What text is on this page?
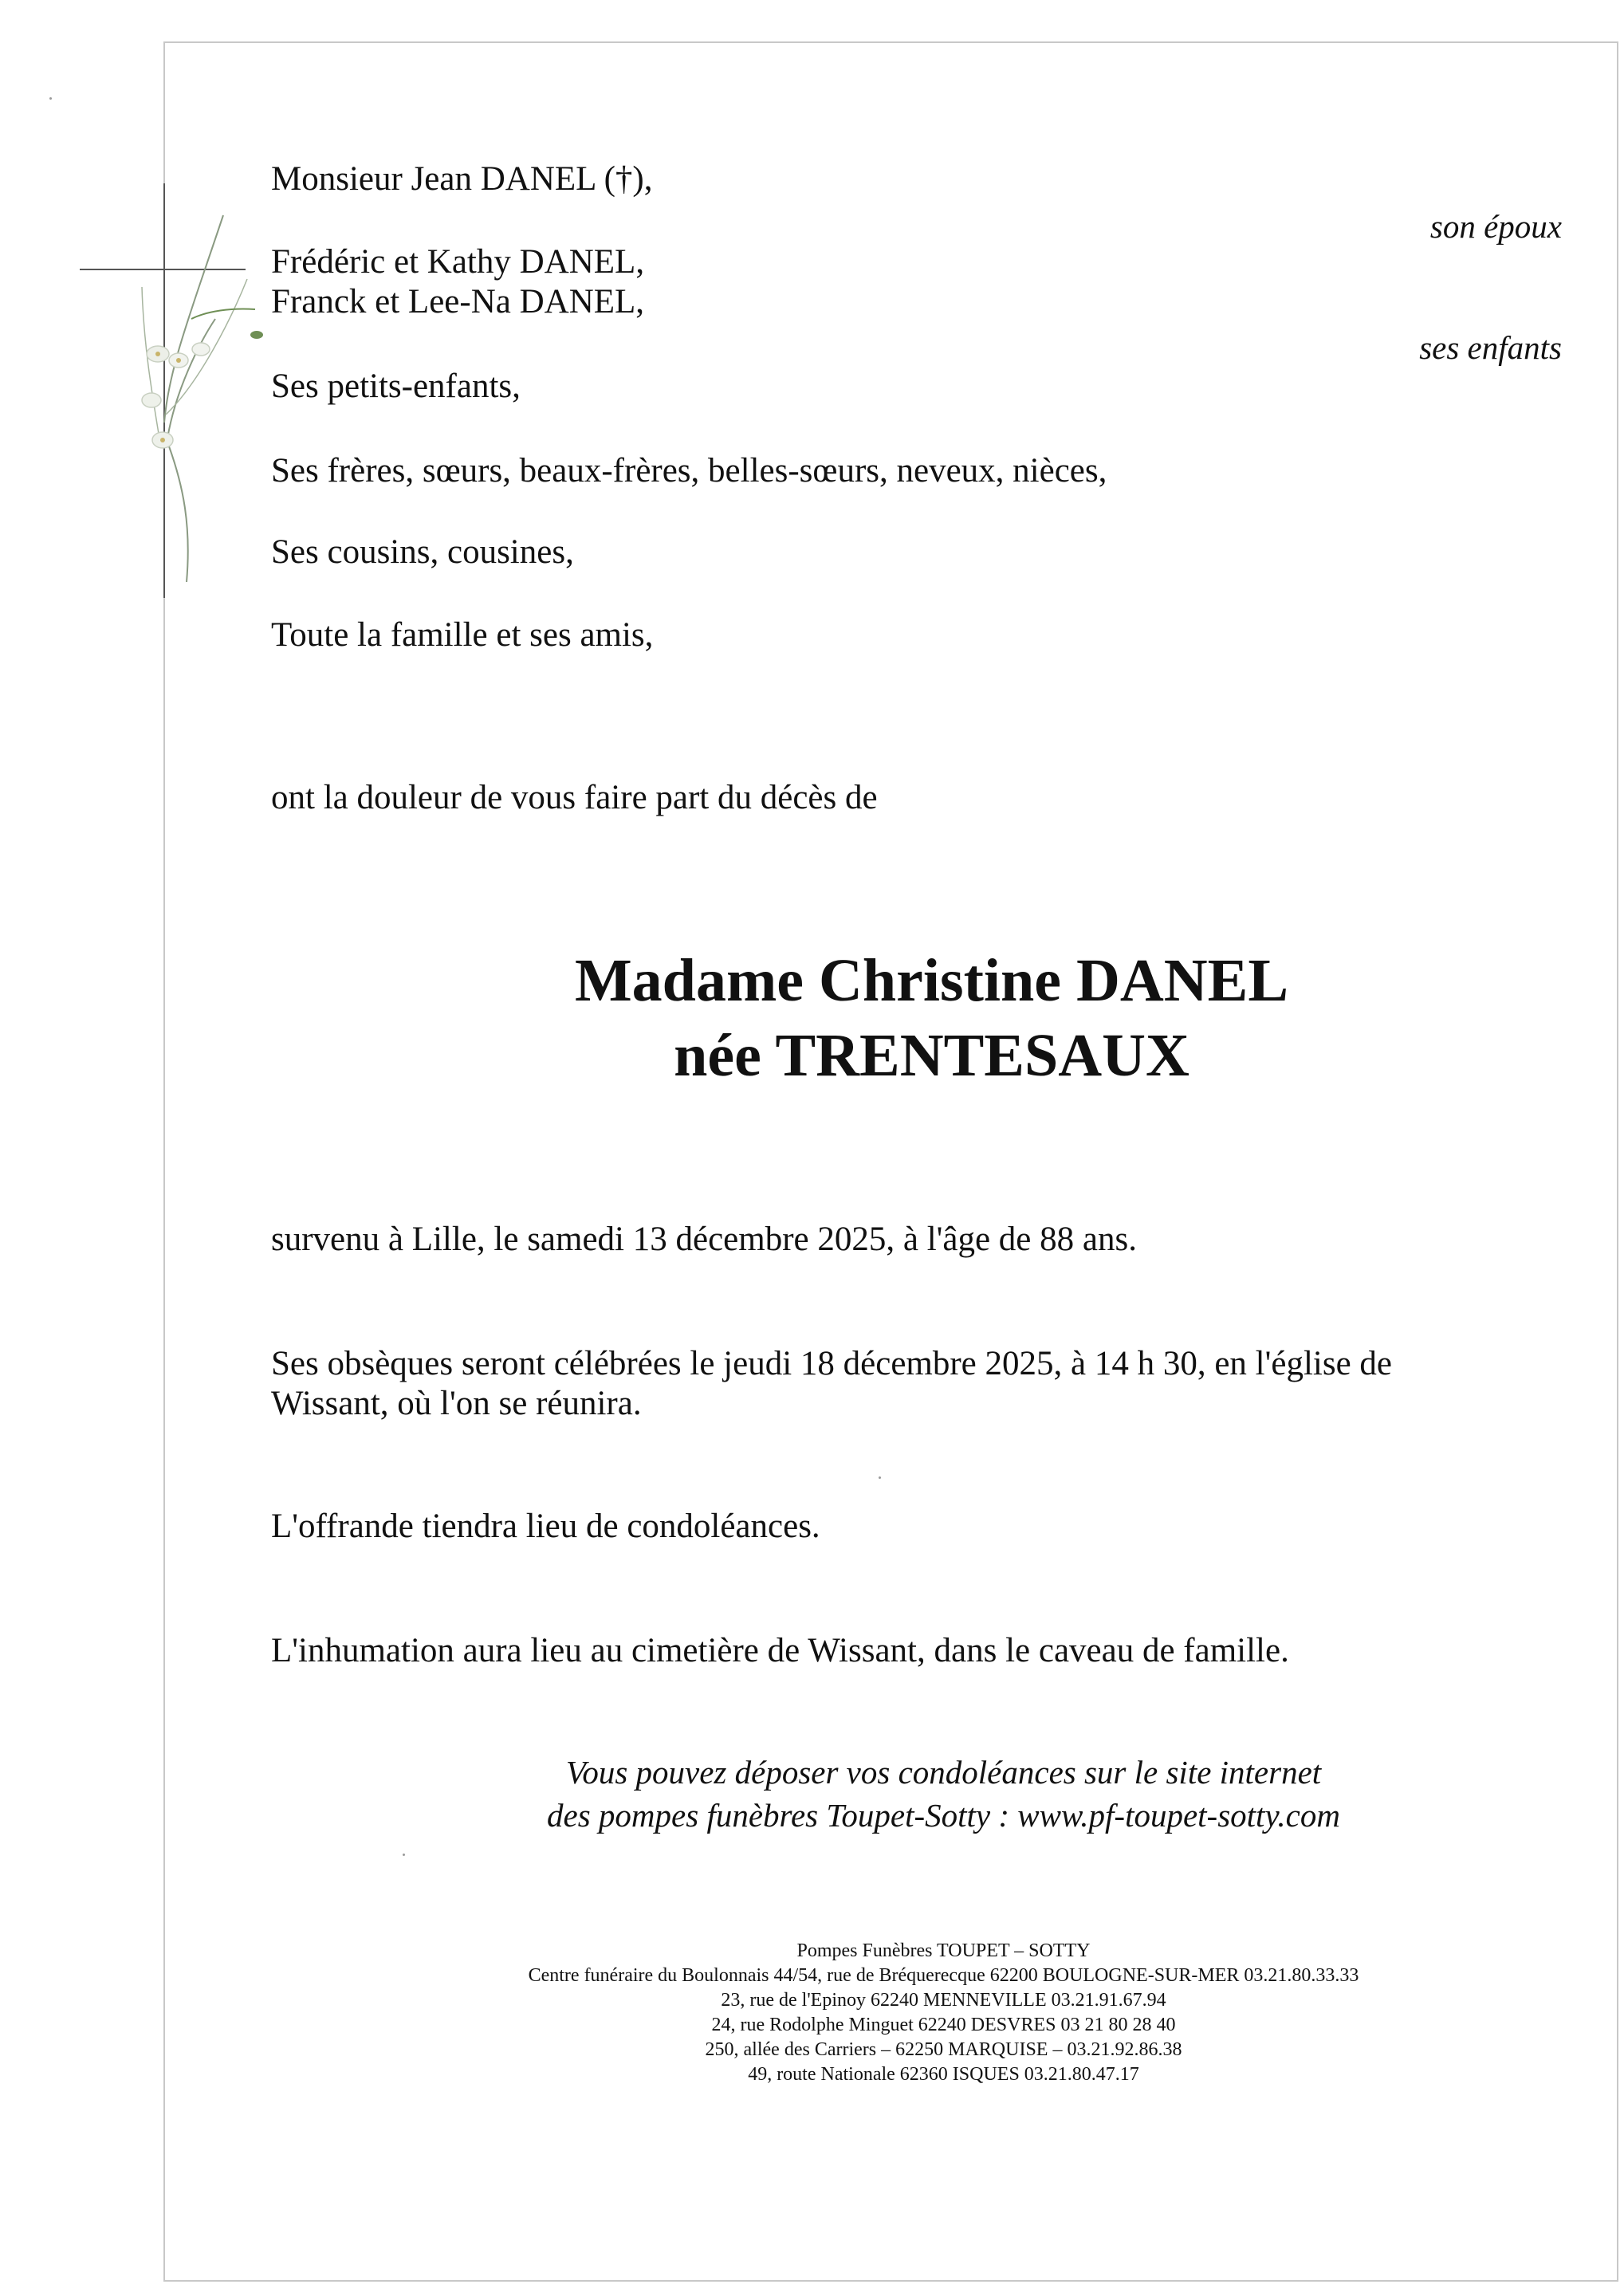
Monsieur Jean DANEL (†),

Frédéric et Kathy DANEL,

Franck et Lee-Na DANEL,

Ses petits-enfants,

Ses frères, sœurs, beaux-frères, belles-sœurs, neveux, nièces,

Ses cousins, cousines,

Toute la famille et ses amis,

son époux

ses enfants

ont la douleur de vous faire part du décès de

Madame Christine DANEL
née TRENTESAUX

survenu à Lille, le samedi 13 décembre 2025, à l'âge de 88 ans.

Ses obsèques seront célébrées le jeudi 18 décembre 2025, à 14 h 30, en l'église de

Wissant, où l'on se réunira.

L'offrande tiendra lieu de condoléances.

L'inhumation aura lieu au cimetière de Wissant, dans le caveau de famille.

Vous pouvez déposer vos condoléances sur le site internet

des pompes funèbres Toupet-Sotty : www.pf-toupet-sotty.com

Pompes Funèbres TOUPET – SOTTY
Centre funéraire du Boulonnais 44/54, rue de Bréquerecque 62200 BOULOGNE-SUR-MER 03.21.80.33.33
23, rue de l'Epinoy 62240 MENNEVILLE 03.21.91.67.94
24, rue Rodolphe Minguet 62240 DESVRES 03 21 80 28 40
250, allée des Carriers – 62250 MARQUISE – 03.21.92.86.38
49, route Nationale 62360 ISQUES 03.21.80.47.17
